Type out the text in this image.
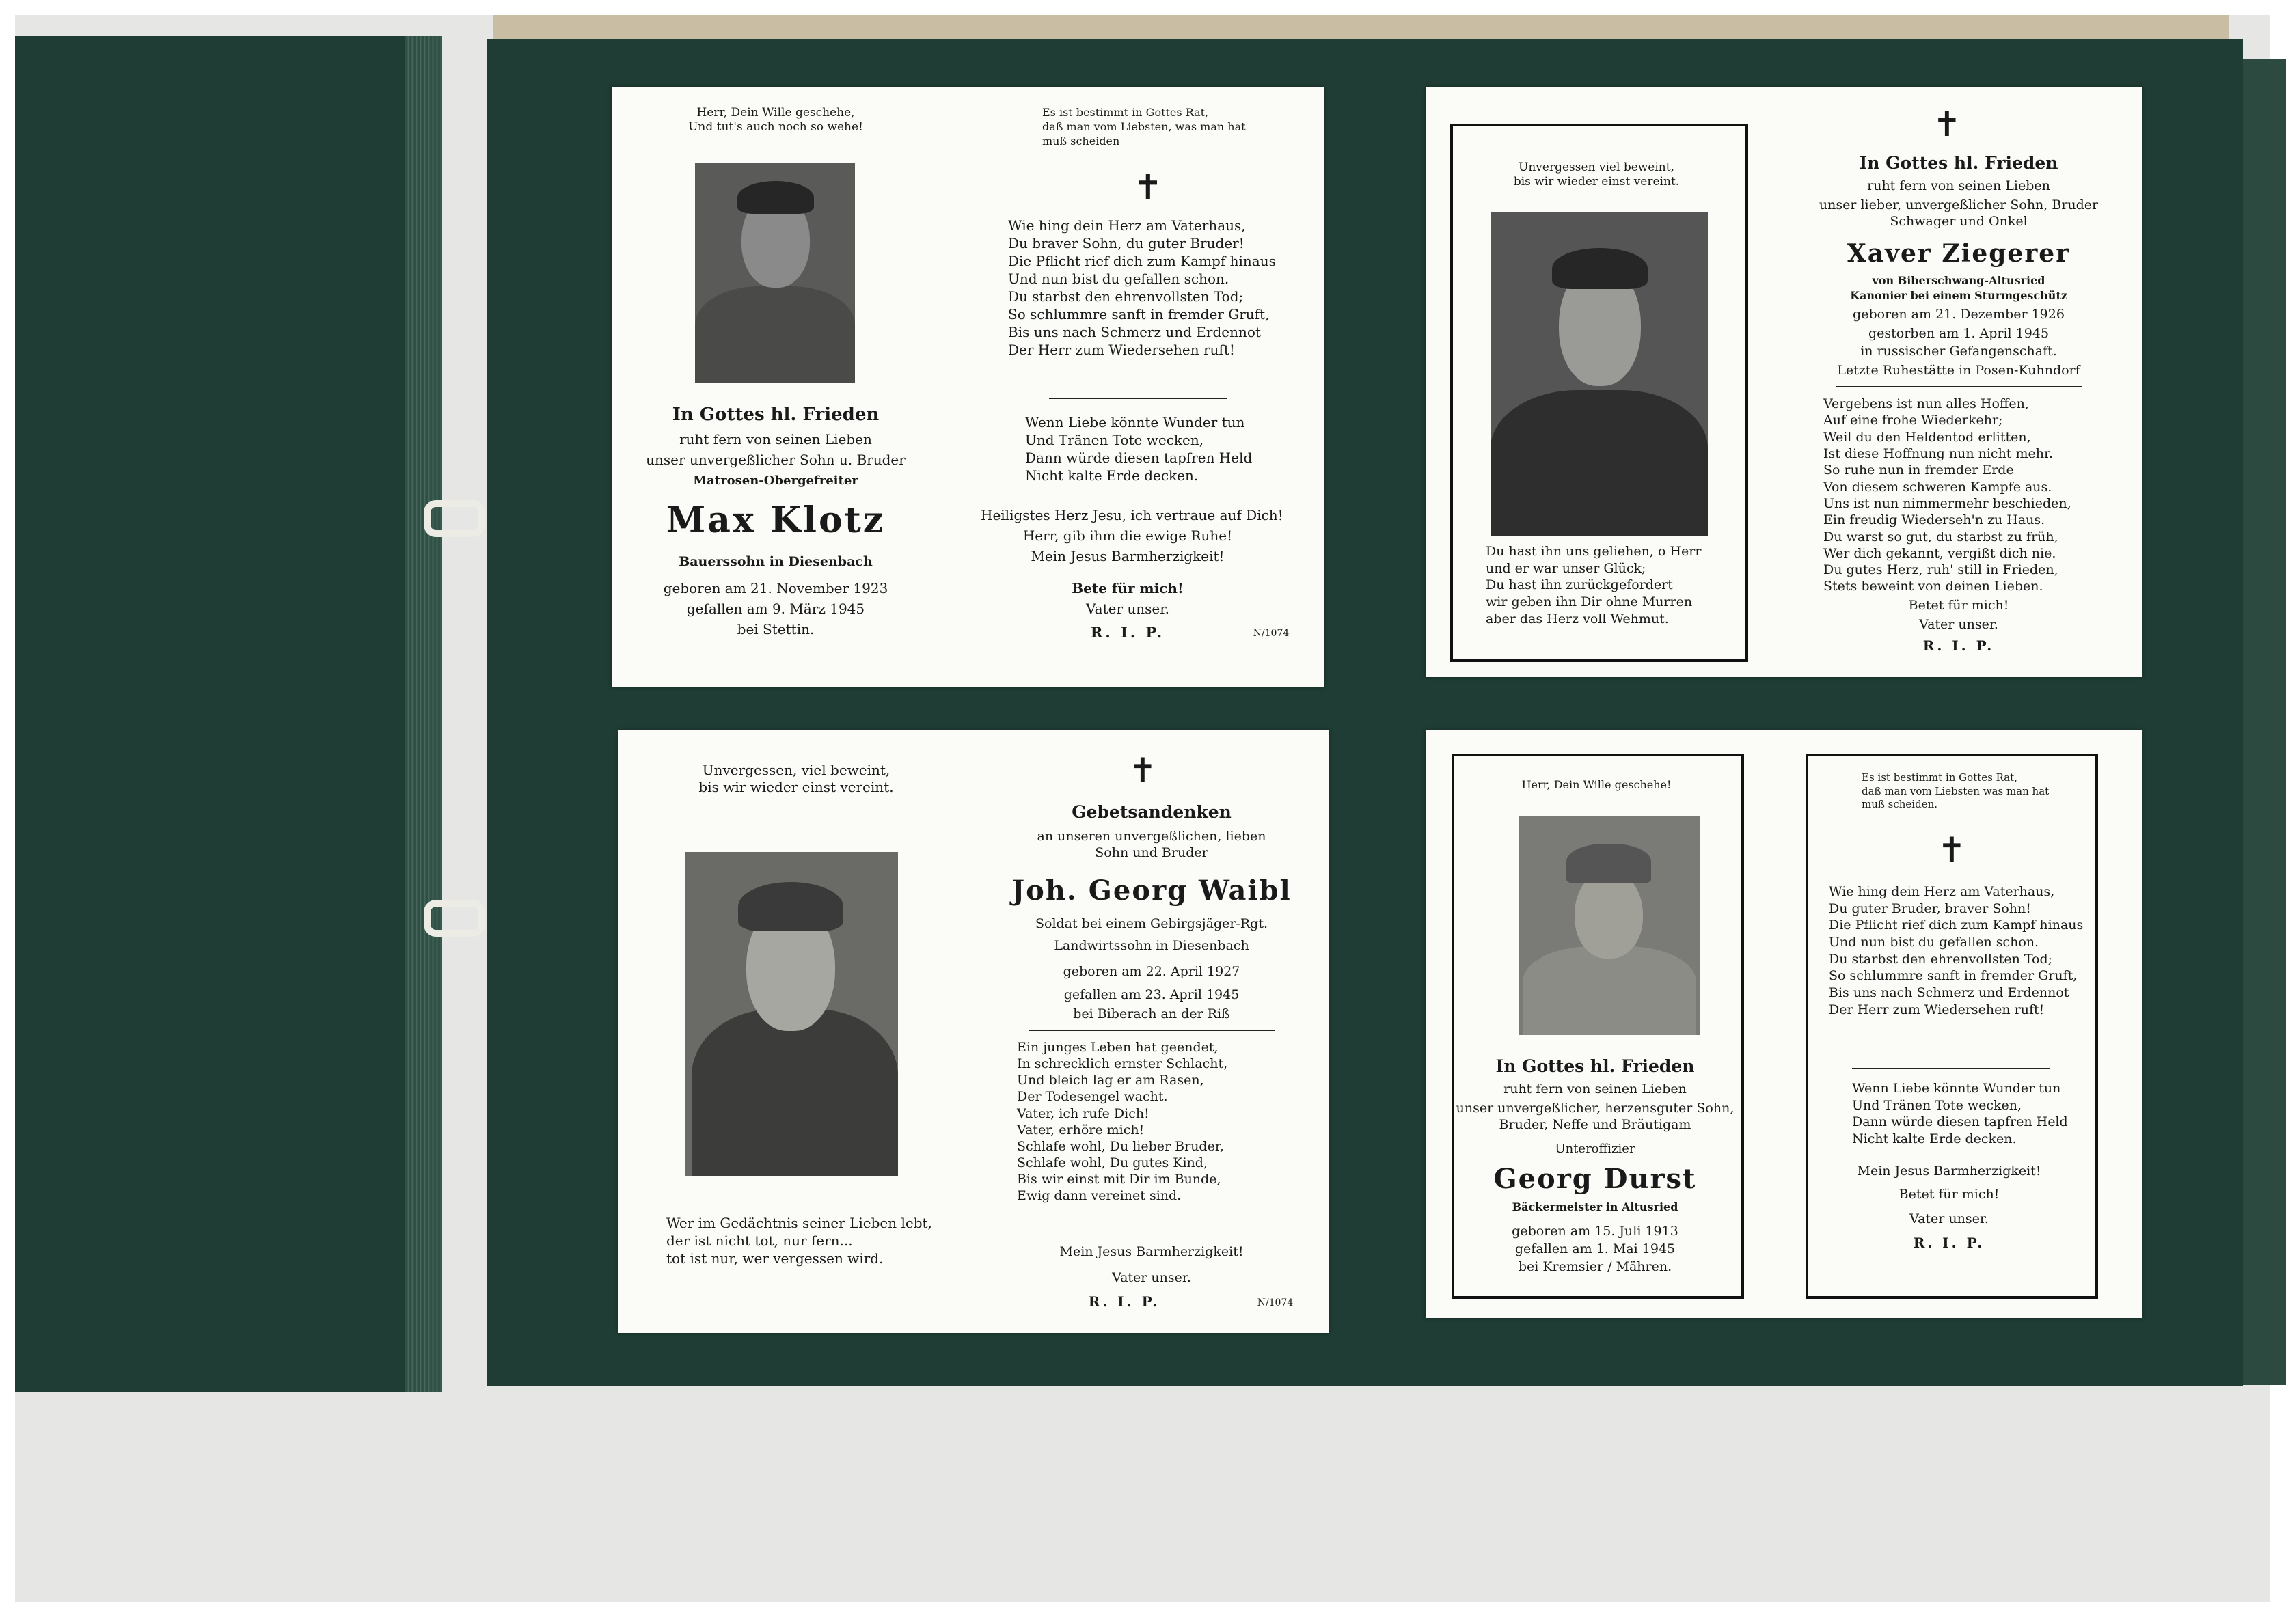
Herr, Dein Wille geschehe,
Und tut's auch noch so wehe!
In Gottes hl. Frieden
ruht fern von seinen Lieben
unser unvergeßlicher Sohn u. Bruder
Matrosen-Obergefreiter
Max Klotz
Bauerssohn in Diesenbach
geboren am 21. November 1923
gefallen am 9. März 1945
bei Stettin.
Es ist bestimmt in Gottes Rat,
daß man vom Liebsten, was man hat
muß scheiden
✝
Wie hing dein Herz am Vaterhaus,
Du braver Sohn, du guter Bruder!
Die Pflicht rief dich zum Kampf hinaus
Und nun bist du gefallen schon.
Du starbst den ehrenvollsten Tod;
So schlummre sanft in fremder Gruft,
Bis uns nach Schmerz und Erdennot
Der Herr zum Wiedersehen ruft!
Wenn Liebe könnte Wunder tun
Und Tränen Tote wecken,
Dann würde diesen tapfren Held
Nicht kalte Erde decken.
Heiligstes Herz Jesu, ich vertraue auf Dich!
Herr, gib ihm die ewige Ruhe!
Mein Jesus Barmherzigkeit!
Bete für mich!
Vater unser.
R. I. P.	N/1074
Unvergessen viel beweint,
bis wir wieder einst vereint.
Du hast ihn uns geliehen, o Herr
und er war unser Glück;
Du hast ihn zurückgefordert
wir geben ihn Dir ohne Murren
aber das Herz voll Wehmut.
✝
In Gottes hl. Frieden
ruht fern von seinen Lieben
unser lieber, unvergeßlicher Sohn, Bruder
Schwager und Onkel
Xaver Ziegerer
von Biberschwang-Altusried
Kanonier bei einem Sturmgeschütz
geboren am 21. Dezember 1926
gestorben am 1. April 1945
in russischer Gefangenschaft.
Letzte Ruhestätte in Posen-Kuhndorf
Vergebens ist nun alles Hoffen,
Auf eine frohe Wiederkehr;
Weil du den Heldentod erlitten,
Ist diese Hoffnung nun nicht mehr.
So ruhe nun in fremder Erde
Von diesem schweren Kampfe aus.
Uns ist nun nimmermehr beschieden,
Ein freudig Wiederseh'n zu Haus.
Du warst so gut, du starbst zu früh,
Wer dich gekannt, vergißt dich nie.
Du gutes Herz, ruh' still in Frieden,
Stets beweint von deinen Lieben.
Betet für mich!
Vater unser.
R. I. P.
Unvergessen, viel beweint,
bis wir wieder einst vereint.
Wer im Gedächtnis seiner Lieben lebt,
der ist nicht tot, nur fern...
tot ist nur, wer vergessen wird.
✝
Gebetsandenken
an unseren unvergeßlichen, lieben
Sohn und Bruder
Joh. Georg Waibl
Soldat bei einem Gebirgsjäger-Rgt.
Landwirtssohn in Diesenbach
geboren am 22. April 1927
gefallen am 23. April 1945
bei Biberach an der Riß
Ein junges Leben hat geendet,
In schrecklich ernster Schlacht,
Und bleich lag er am Rasen,
Der Todesengel wacht.
Vater, ich rufe Dich!
Vater, erhöre mich!
Schlafe wohl, Du lieber Bruder,
Schlafe wohl, Du gutes Kind,
Bis wir einst mit Dir im Bunde,
Ewig dann vereinet sind.
Mein Jesus Barmherzigkeit!
Vater unser.
R. I. P.	N/1074
Herr, Dein Wille geschehe!
In Gottes hl. Frieden
ruht fern von seinen Lieben
unser unvergeßlicher, herzensguter Sohn,
Bruder, Neffe und Bräutigam
Unteroffizier
Georg Durst
Bäckermeister in Altusried
geboren am 15. Juli 1913
gefallen am 1. Mai 1945
bei Kremsier / Mähren.
Es ist bestimmt in Gottes Rat,
daß man vom Liebsten was man hat
muß scheiden.
✝
Wie hing dein Herz am Vaterhaus,
Du guter Bruder, braver Sohn!
Die Pflicht rief dich zum Kampf hinaus
Und nun bist du gefallen schon.
Du starbst den ehrenvollsten Tod;
So schlummre sanft in fremder Gruft,
Bis uns nach Schmerz und Erdennot
Der Herr zum Wiedersehen ruft!
Wenn Liebe könnte Wunder tun
Und Tränen Tote wecken,
Dann würde diesen tapfren Held
Nicht kalte Erde decken.
Mein Jesus Barmherzigkeit!
Betet für mich!
Vater unser.
R. I. P.
